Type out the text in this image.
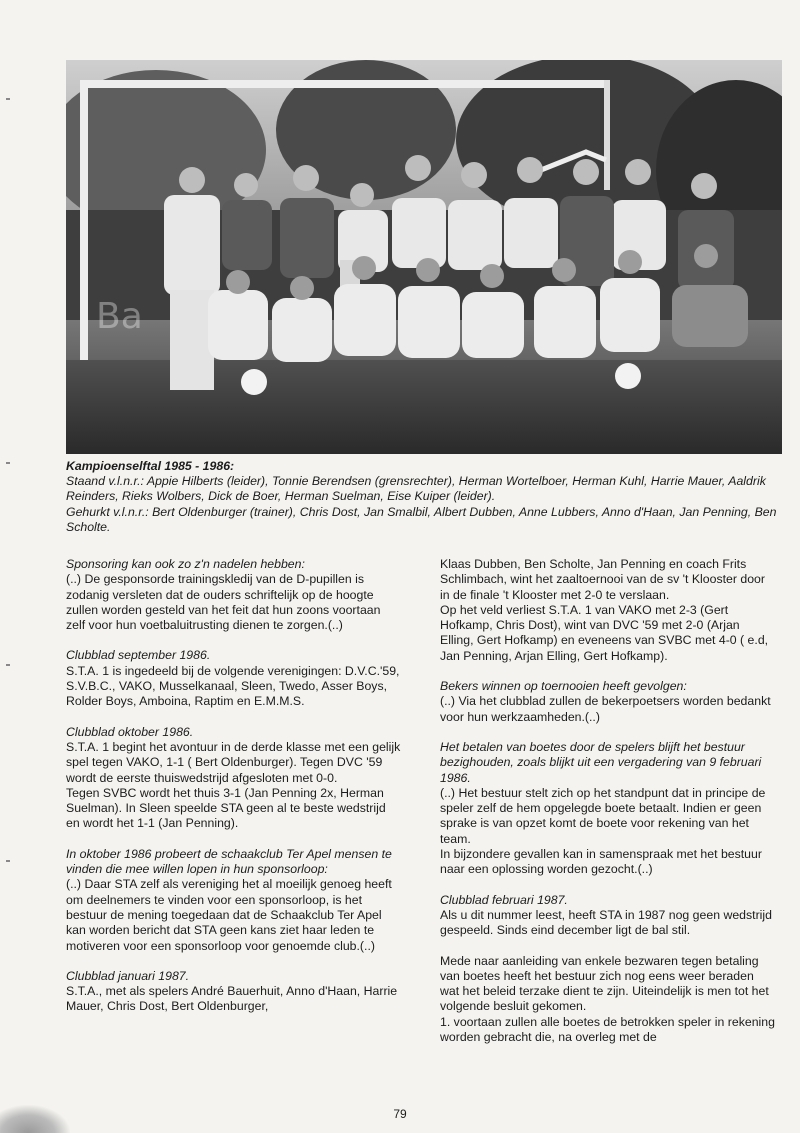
Ba

Kampioenselftal 1985 - 1986:

Staand v.l.n.r.: Appie Hilberts (leider), Tonnie Berendsen (grensrechter), Herman Wortelboer, Herman Kuhl, Harrie Mauer, Aaldrik Reinders, Rieks Wolbers, Dick de Boer, Herman Suelman, Eise Kuiper (leider).

Gehurkt v.l.n.r.: Bert Oldenburger (trainer), Chris Dost, Jan Smalbil, Albert Dubben, Anne Lubbers, Anno d'Haan, Jan Penning, Ben Scholte.

Sponsoring kan ook zo z'n nadelen hebben:

(..) De gesponsorde trainingskledij van de D-pupillen is zodanig versleten dat de ouders schriftelijk op de hoogte zullen worden gesteld van het feit dat hun zoons voortaan zelf voor hun voetbaluitrusting dienen te zorgen.(..)

Clubblad september 1986.

S.T.A. 1 is ingedeeld bij de volgende verenigingen: D.V.C.'59, S.V.B.C., VAKO, Musselkanaal, Sleen, Twedo, Asser Boys, Rolder Boys, Amboina, Raptim en E.M.M.S.

Clubblad oktober 1986.

S.T.A. 1 begint het avontuur in de derde klasse met een gelijk spel tegen VAKO, 1-1 ( Bert Oldenburger). Tegen DVC '59 wordt de eerste thuiswedstrijd afgesloten met 0-0.

Tegen SVBC wordt het thuis 3-1 (Jan Penning 2x, Herman Suelman). In Sleen speelde STA geen al te beste wedstrijd en wordt het 1-1 (Jan Penning).

In oktober 1986 probeert de schaakclub Ter Apel mensen te vinden die mee willen lopen in hun sponsorloop:

(..) Daar STA zelf als vereniging het al moeilijk genoeg heeft om deelnemers te vinden voor een sponsorloop, is het bestuur de mening toegedaan dat de Schaakclub Ter Apel kan worden bericht dat STA geen kans ziet haar leden te motiveren voor een sponsorloop voor genoemde club.(..)

Clubblad januari 1987.

S.T.A., met als spelers André Bauerhuit, Anno d'Haan, Harrie Mauer, Chris Dost, Bert Oldenburger,

Klaas Dubben, Ben Scholte, Jan Penning en coach Frits Schlimbach, wint het zaaltoernooi van de sv 't Klooster door in de finale 't Klooster met 2-0 te verslaan.

Op het veld verliest S.T.A. 1 van VAKO met 2-3 (Gert Hofkamp, Chris Dost), wint van DVC '59 met 2-0 (Arjan Elling, Gert Hofkamp) en eveneens van SVBC met 4-0 ( e.d, Jan Penning, Arjan Elling, Gert Hofkamp).

Bekers winnen op toernooien heeft gevolgen:

(..) Via het clubblad zullen de bekerpoetsers worden bedankt voor hun werkzaamheden.(..)

Het betalen van boetes door de spelers blijft het bestuur bezighouden, zoals blijkt uit een vergadering van 9 februari 1986.

(..) Het bestuur stelt zich op het standpunt dat in principe de speler zelf de hem opgelegde boete betaalt. Indien er geen sprake is van opzet komt de boete voor rekening van het team.

In bijzondere gevallen kan in samenspraak met het bestuur naar een oplossing worden gezocht.(..)

Clubblad februari 1987.

Als u dit nummer leest, heeft STA in 1987 nog geen wedstrijd gespeeld. Sinds eind december ligt de bal stil.

Mede naar aanleiding van enkele bezwaren tegen betaling van boetes heeft het bestuur zich nog eens weer beraden wat het beleid terzake dient te zijn. Uiteindelijk is men tot het volgende besluit gekomen.

1. voortaan zullen alle boetes de betrokken speler in rekening worden gebracht die, na overleg met de

79
